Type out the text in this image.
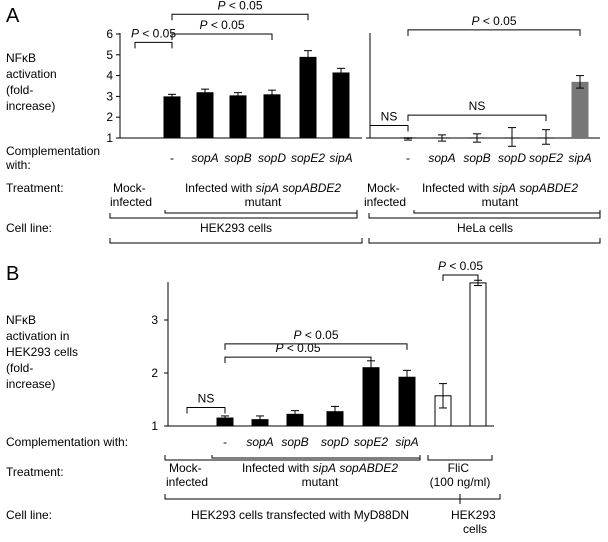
A
NFκB activation (fold- increase)
1
2
3
4
5
6 P < 0.05
P < 0.05
P < 0.05
NS
NS
P < 0.05
- sopA sopB sopD sopE2 sipA	- sopA sopB sopD sopE2 sipA
Complementation with:
Treatment:
Cell line:
Mock- infected
Infected with sipA sopABDE2
mutant
HEK293 cells
Mock- infected
Infected with sipA sopABDE2
mutant
HeLa cells
B
NFκB activation in HEK293 cells (fold- increase)
1
2
3
NS
P < 0.05
P < 0.05
P < 0.05
- sopA sopB sopD sopE2 sipA
Complementation with:
Treatment:
Cell line:
Mock- infected
Infected with sipA sopABDE2
mutant
FliC (100 ng/ml)
HEK293 cells transfected with MyD88DN	HEK293 cells
